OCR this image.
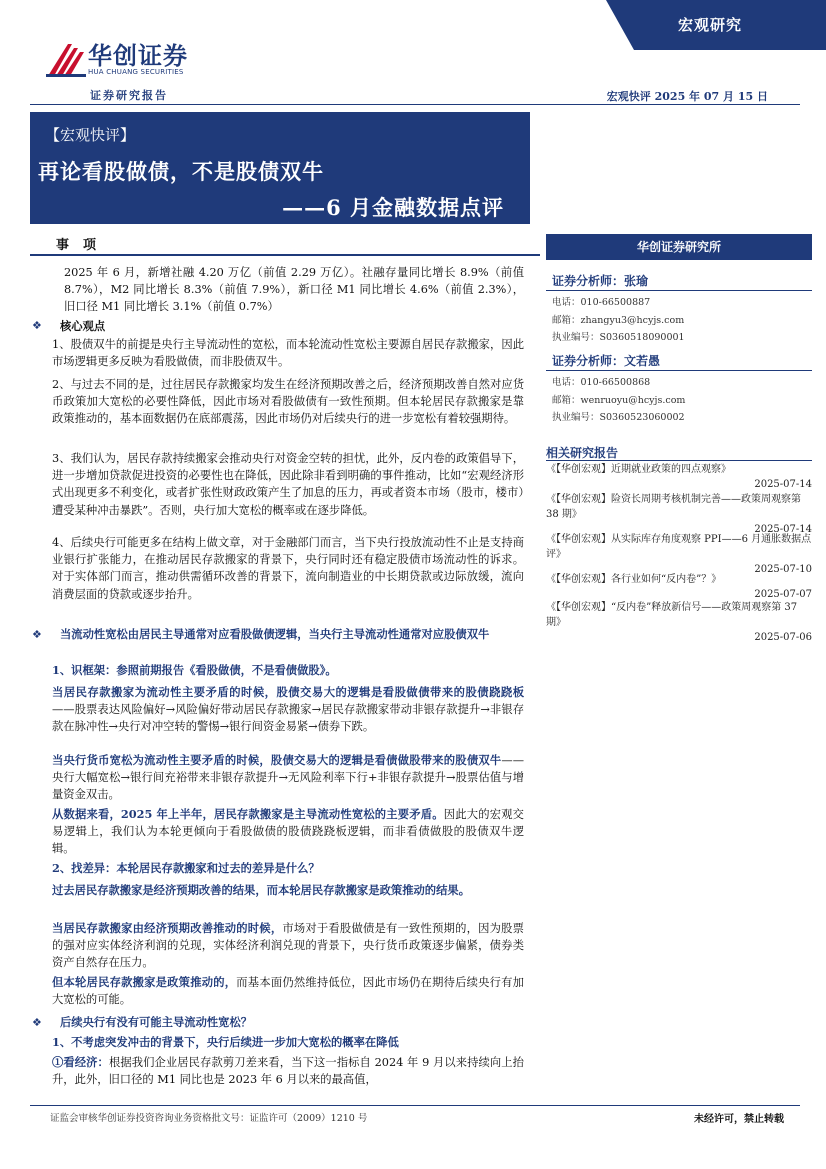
宏观研究
华创证券
HUA CHUANG SECURITIES
证券研究报告	宏观快评 2025 年 07 月 15 日
【宏观快评】
再论看股做债，不是股债双牛
——6 月金融数据点评
事项
2025 年 6 月，新增社融 4.20 万亿（前值 2.29 万亿）。社融存量同比增长 8.9%（前值 8.7%），M2 同比增长 8.3%（前值 7.9%），新口径 M1 同比增长 4.6%（前值 2.3%），旧口径 M1 同比增长 3.1%（前值 0.7%）
❖ 核心观点
1、股债双牛的前提是央行主导流动性的宽松，而本轮流动性宽松主要源自居民存款搬家，因此市场逻辑更多反映为看股做债，而非股债双牛。
2、与过去不同的是，过往居民存款搬家均发生在经济预期改善之后，经济预期改善自然对应货币政策加大宽松的必要性降低，因此市场对看股做债有一致性预期。但本轮居民存款搬家是靠政策推动的，基本面数据仍在底部震荡，因此市场仍对后续央行的进一步宽松有着较强期待。
3、我们认为，居民存款持续搬家会推动央行对资金空转的担忧，此外，反内卷的政策倡导下，进一步增加贷款促进投资的必要性也在降低，因此除非看到明确的事件推动，比如“宏观经济形式出现更多不利变化，或者扩张性财政政策产生了加息的压力，再或者资本市场（股市，楼市）遭受某种冲击暴跌”。否则，央行加大宽松的概率或在逐步降低。
4、后续央行可能更多在结构上做文章，对于金融部门而言，当下央行投放流动性不止是支持商业银行扩张能力，在推动居民存款搬家的背景下，央行同时还有稳定股债市场流动性的诉求。对于实体部门而言，推动供需循环改善的背景下，流向制造业的中长期贷款或边际放缓，流向消费层面的贷款或逐步抬升。
❖ 当流动性宽松由居民主导通常对应看股做债逻辑，当央行主导流动性通常对应股债双牛
1、识框架：参照前期报告《看股做债，不是看债做股》。
当居民存款搬家为流动性主要矛盾的时候，股债交易大的逻辑是看股做债带来的股债跷跷板——股票表达风险偏好→风险偏好带动居民存款搬家→居民存款搬家带动非银存款提升→非银存款在脉冲性→央行对冲空转的警惕→银行间资金易紧→债券下跌。
当央行货币宽松为流动性主要矛盾的时候，股债交易大的逻辑是看债做股带来的股债双牛——央行大幅宽松→银行间充裕带来非银存款提升→无风险利率下行+非银存款提升→股票估值与增量资金双击。
从数据来看，2025 年上半年，居民存款搬家是主导流动性宽松的主要矛盾。因此大的宏观交易逻辑上，我们认为本轮更倾向于看股做债的股债跷跷板逻辑，而非看债做股的股债双牛逻辑。
2、找差异：本轮居民存款搬家和过去的差异是什么？
过去居民存款搬家是经济预期改善的结果，而本轮居民存款搬家是政策推动的结果。
当居民存款搬家由经济预期改善推动的时候，市场对于看股做债是有一致性预期的，因为股票的强对应实体经济利润的兑现，实体经济利润兑现的背景下，央行货币政策逐步偏紧，债券类资产自然存在压力。
但本轮居民存款搬家是政策推动的，而基本面仍然维持低位，因此市场仍在期待后续央行有加大宽松的可能。
❖ 后续央行有没有可能主导流动性宽松？
1、不考虑突发冲击的背景下，央行后续进一步加大宽松的概率在降低
①看经济：根据我们企业居民存款剪刀差来看，当下这一指标自 2024 年 9 月以来持续向上抬升，此外，旧口径的 M1 同比也是 2023 年 6 月以来的最高值，
华创证券研究所
证券分析师：张瑜
电话：010-66500887
邮箱：zhangyu3@hcyjs.com
执业编号：S0360518090001
证券分析师：文若愚
电话：010-66500868
邮箱：wenruoyu@hcyjs.com
执业编号：S0360523060002
相关研究报告
《【华创宏观】近期就业政策的四点观察》
2025-07-14
《【华创宏观】险资长周期考核机制完善——政策周观察第 38 期》
2025-07-14
《【华创宏观】从实际库存角度观察 PPI——6 月通胀数据点评》
2025-07-10
《【华创宏观】各行业如何“反内卷”？》
2025-07-07
《【华创宏观】“反内卷”释放新信号——政策周观察第 37 期》
2025-07-06
证监会审核华创证券投资咨询业务资格批文号：证监许可（2009）1210 号	未经许可，禁止转载
